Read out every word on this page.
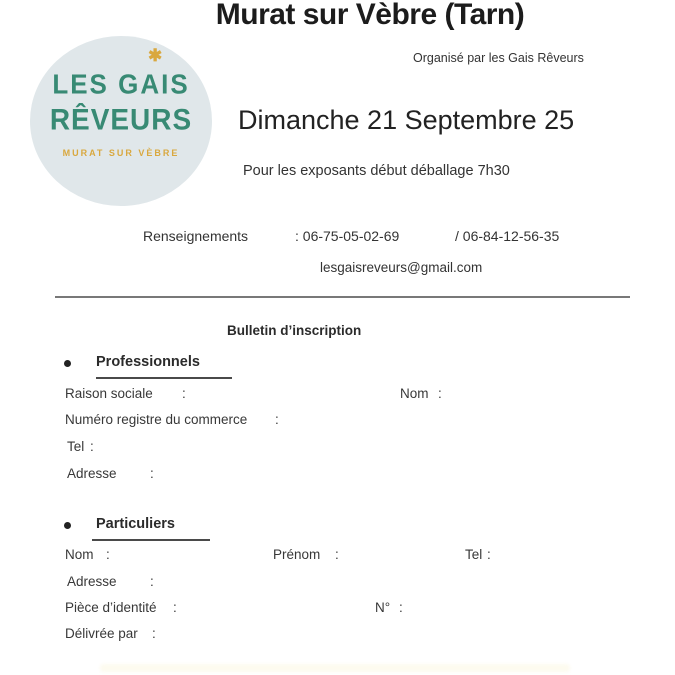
Murat sur Vèbre (Tarn)
✱
LES GAIS
RÊVEURS
MURAT SUR VÈBRE
Organisé par les Gais Rêveurs
Dimanche 21 Septembre 25
Pour les exposants début déballage 7h30
Renseignements	: 06-75-05-02-69	/ 06-84-12-56-35
lesgaisreveurs@gmail.com
Bulletin d’inscription
Professionnels
Raison sociale :	Nom :
Numéro registre du commerce :
Tel :
Adresse :
Particuliers
Nom :	Prénom :	Tel :
Adresse :
Pièce d’identité :	N° :
Délivrée par :
